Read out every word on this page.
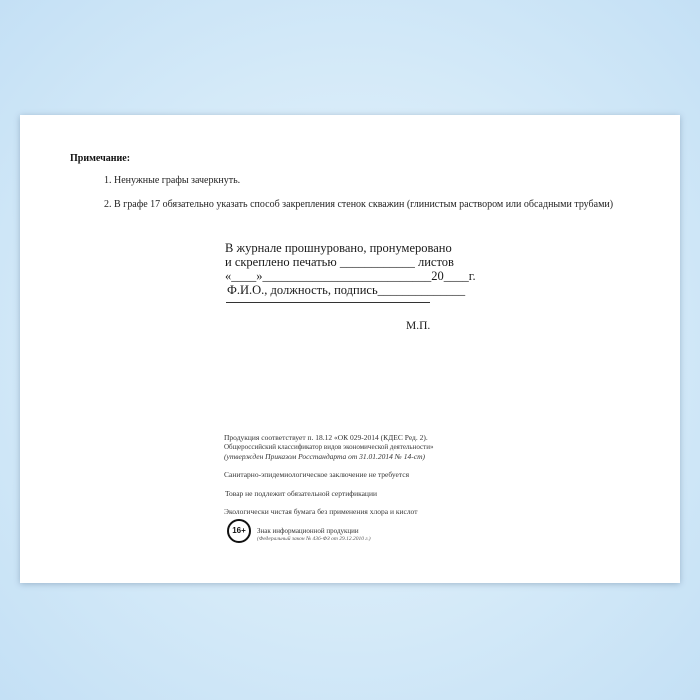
Примечание:
1. Ненужные графы зачеркнуть.
2. В графе 17 обязательно указать способ закрепления стенок скважин (глинистым раствором или обсадными трубами)
В журнале прошнуровано, пронумеровано
и скреплено печатью ____________ листов
«____»___________________________20____г.
Ф.И.О., должность, подпись______________
М.П.
Продукция соответствует п. 18.12 «ОК 029-2014 (КДЕС Ред. 2).
Общероссийский классификатор видов экономической деятельности»
(утвержден Приказом Росстандарта от 31.01.2014 № 14-ст)
Санитарно-эпидемиологическое заключение не требуется
Товар не подлежит обязательной сертификации
Экологически чистая бумага без применения хлора и кислот
16+	Знак информационной продукции
(Федеральный закон № 436-ФЗ от 29.12.2010 г.)
